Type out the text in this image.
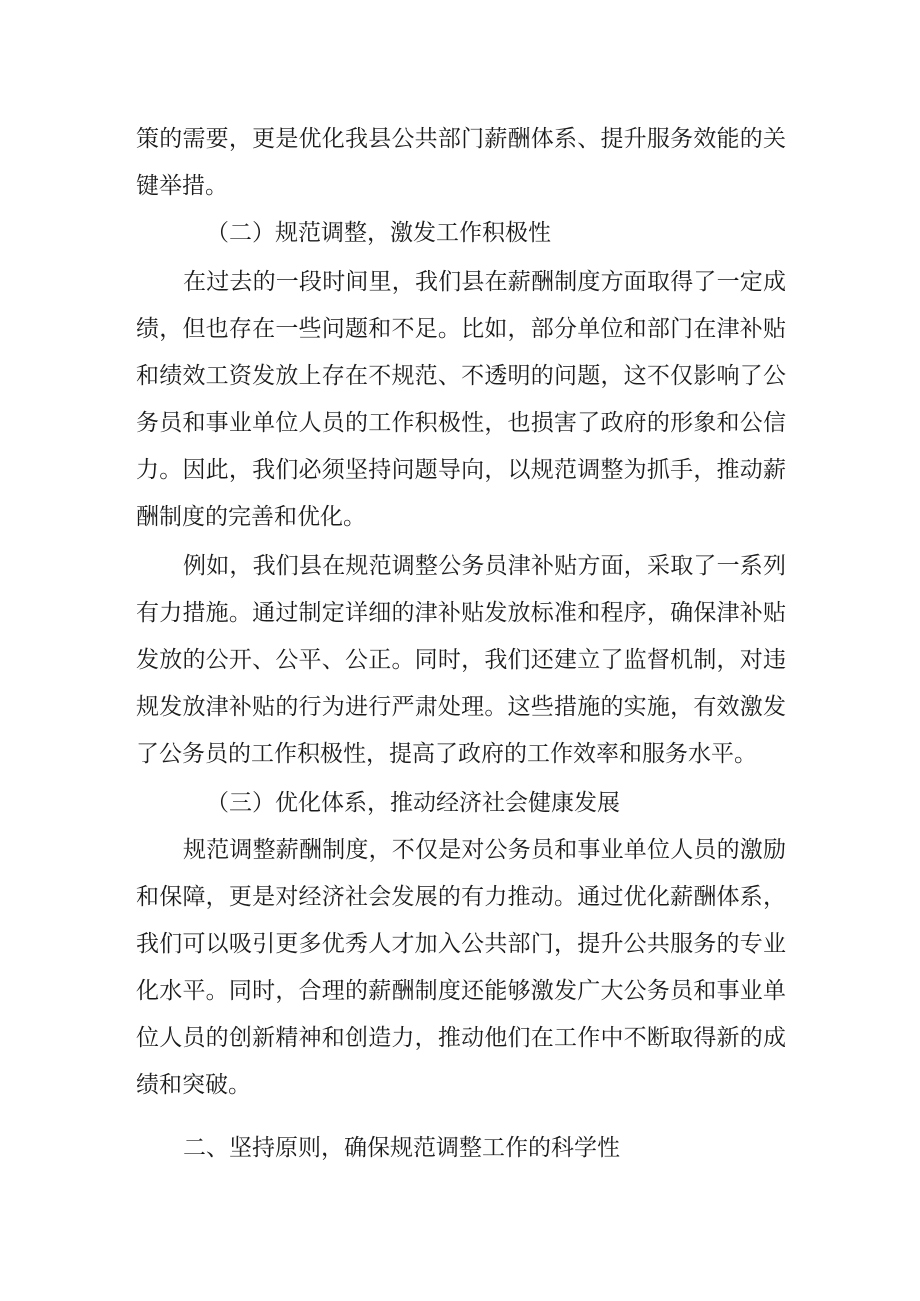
策的需要，更是优化我县公共部门薪酬体系、提升服务效能的关
键举措。
（二）规范调整，激发工作积极性
在过去的一段时间里，我们县在薪酬制度方面取得了一定成
绩，但也存在一些问题和不足。比如，部分单位和部门在津补贴
和绩效工资发放上存在不规范、不透明的问题，这不仅影响了公
务员和事业单位人员的工作积极性，也损害了政府的形象和公信
力。因此，我们必须坚持问题导向，以规范调整为抓手，推动薪
酬制度的完善和优化。
例如，我们县在规范调整公务员津补贴方面，采取了一系列
有力措施。通过制定详细的津补贴发放标准和程序，确保津补贴
发放的公开、公平、公正。同时，我们还建立了监督机制，对违
规发放津补贴的行为进行严肃处理。这些措施的实施，有效激发
了公务员的工作积极性，提高了政府的工作效率和服务水平。
（三）优化体系，推动经济社会健康发展
规范调整薪酬制度，不仅是对公务员和事业单位人员的激励
和保障，更是对经济社会发展的有力推动。通过优化薪酬体系，
我们可以吸引更多优秀人才加入公共部门，提升公共服务的专业
化水平。同时，合理的薪酬制度还能够激发广大公务员和事业单
位人员的创新精神和创造力，推动他们在工作中不断取得新的成
绩和突破。
二、坚持原则，确保规范调整工作的科学性
